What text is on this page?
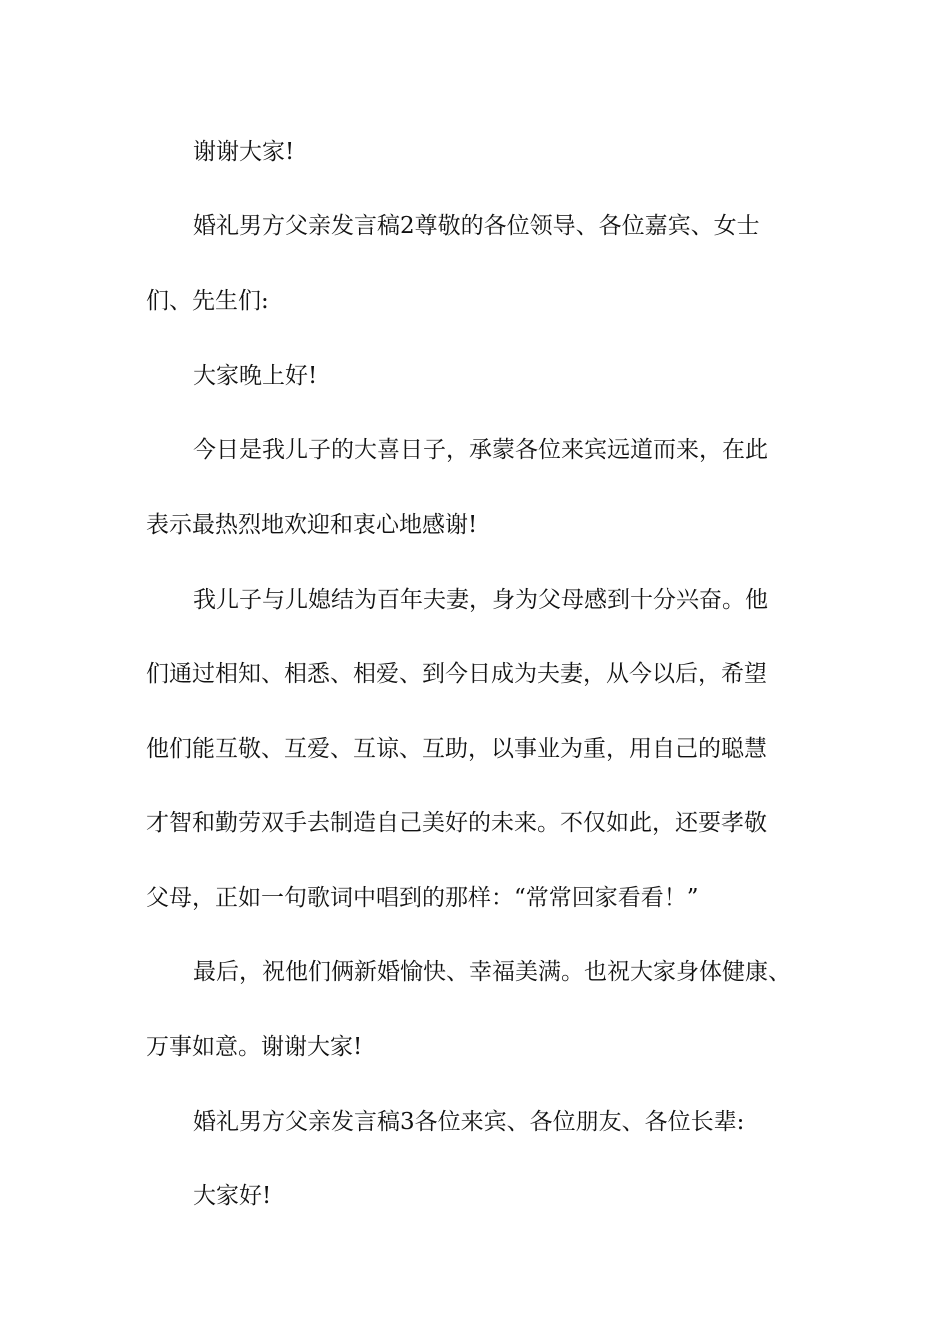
谢谢大家!
婚礼男方父亲发言稿2尊敬的各位领导、各位嘉宾、女士
们、先生们:
大家晚上好!
今日是我儿子的大喜日子，承蒙各位来宾远道而来，在此
表示最热烈地欢迎和衷心地感谢!
我儿子与儿媳结为百年夫妻，身为父母感到十分兴奋。他
们通过相知、相悉、相爱、到今日成为夫妻，从今以后，希望
他们能互敬、互爱、互谅、互助，以事业为重，用自己的聪慧
才智和勤劳双手去制造自己美好的未来。不仅如此，还要孝敬
父母，正如一句歌词中唱到的那样：“常常回家看看！”
最后，祝他们俩新婚愉快、幸福美满。也祝大家身体健康、
万事如意。谢谢大家!
婚礼男方父亲发言稿3各位来宾、各位朋友、各位长辈:
大家好!
